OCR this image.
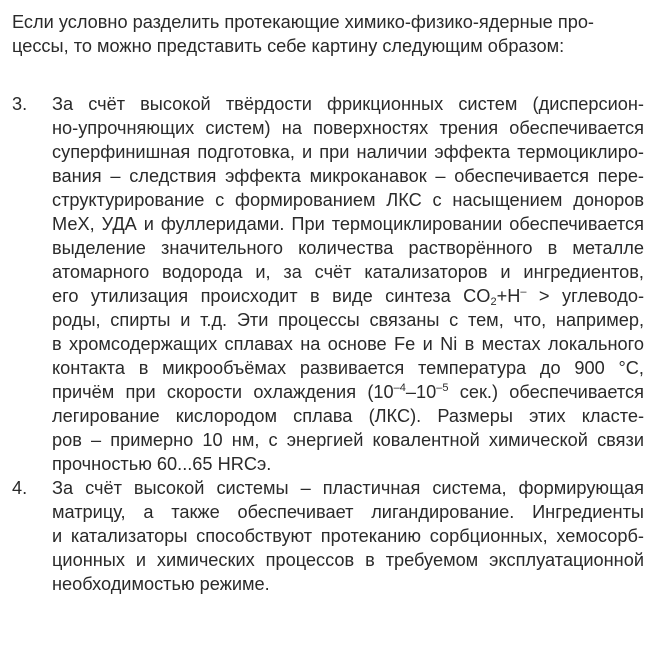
Если условно разделить протекающие химико-физико-ядерные про-

цессы, то можно представить себе картину следующим образом:

3. За счёт высокой твёрдости фрикционных систем (дисперсион-
но-упрочняющих систем) на поверхностях трения обеспечивается
суперфинишная подготовка, и при наличии эффекта термоциклиро-
вания – следствия эффекта микроканавок – обеспечивается пере-
структурирование с формированием ЛКС с насыщением доноров
МеХ, УДА и фуллеридами. При термоциклировании обеспечивается
выделение значительного количества растворённого в металле
атомарного водорода и, за счёт катализаторов и ингредиентов,
его утилизация происходит в виде синтеза $CO_2+H^-$ > углеводо-
роды, спирты и т.д. Эти процессы связаны с тем, что, например,
в хромсодержащих сплавах на основе Fe и Ni в местах локального
контакта в микрообъёмах развивается температура до 900 °С,
причём при скорости охлаждения ($10^{-4}-10^{-5}$ сек.) обеспечивается
легирование кислородом сплава (ЛКС). Размеры этих класте-
ров – примерно 10 нм, с энергией ковалентной химической связи
прочностью 60...65 HRCэ.
4. За счёт высокой системы – пластичная система, формирующая
матрицу, а также обеспечивает лигандирование. Ингредиенты
и катализаторы способствуют протеканию сорбционных, хемосорб-
ционных и химических процессов в требуемом эксплуатационной
необходимостью режиме.
